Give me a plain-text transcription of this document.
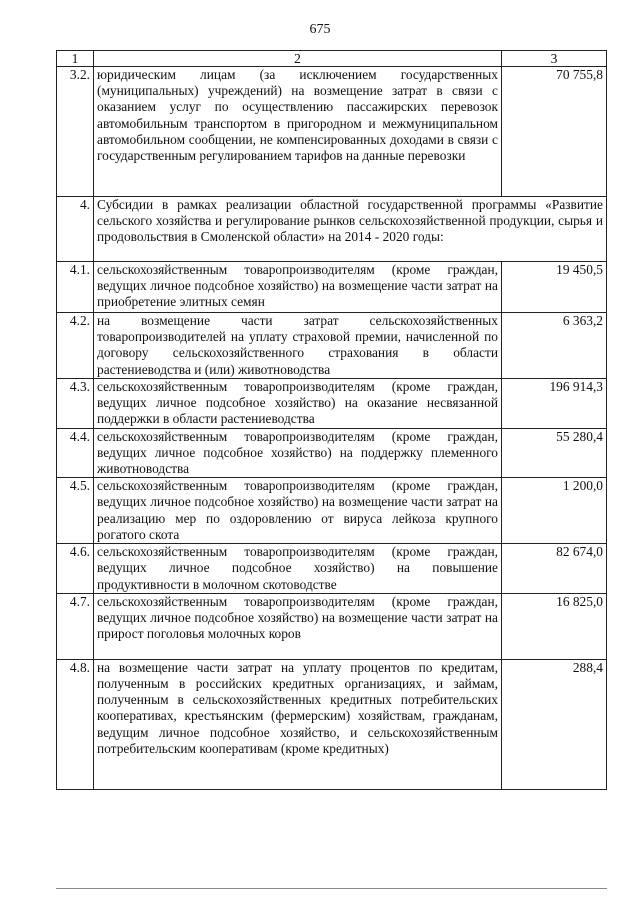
675
1	2	3
3.2.	юридическим лицам (за исключением государственных (муниципальных) учреждений) на возмещение затрат в связи с оказанием услуг по осуществлению пассажирских перевозок автомобильным транспортом в пригородном и межмуниципальном автомобильном сообщении, не компенсированных доходами в связи с государственным регулированием тарифов на данные перевозки	70 755,8
4.	Субсидии в рамках реализации областной государственной программы «Развитие сельского хозяйства и регулирование рынков сельскохозяйственной продукции, сырья и продовольствия в Смоленской области» на 2014 - 2020 годы:	
4.1.	сельскохозяйственным товаропроизводителям (кроме граждан, ведущих личное подсобное хозяйство) на возмещение части затрат на приобретение элитных семян	19 450,5
4.2.	на возмещение части затрат сельскохозяйственных товаропроизводителей на уплату страховой премии, начисленной по договору сельскохозяйственного страхования в области растениеводства и (или) животноводства	6 363,2
4.3.	сельскохозяйственным товаропроизводителям (кроме граждан, ведущих личное подсобное хозяйство) на оказание несвязанной поддержки в области растениеводства	196 914,3
4.4.	сельскохозяйственным товаропроизводителям (кроме граждан, ведущих личное подсобное хозяйство) на поддержку племенного животноводства	55 280,4
4.5.	сельскохозяйственным товаропроизводителям (кроме граждан, ведущих личное подсобное хозяйство) на возмещение части затрат на реализацию мер по оздоровлению от вируса лейкоза крупного рогатого скота	1 200,0
4.6.	сельскохозяйственным товаропроизводителям (кроме граждан, ведущих личное подсобное хозяйство) на повышение продуктивности в молочном скотоводстве	82 674,0
4.7.	сельскохозяйственным товаропроизводителям (кроме граждан, ведущих личное подсобное хозяйство) на возмещение части затрат на прирост поголовья молочных коров	16 825,0
4.8.	на возмещение части затрат на уплату процентов по кредитам, полученным в российских кредитных организациях, и займам, полученным в сельскохозяйственных кредитных потребительских кооперативах, крестьянским (фермерским) хозяйствам, гражданам, ведущим личное подсобное хозяйство, и сельскохозяйственным потребительским кооперативам (кроме кредитных)	288,4
